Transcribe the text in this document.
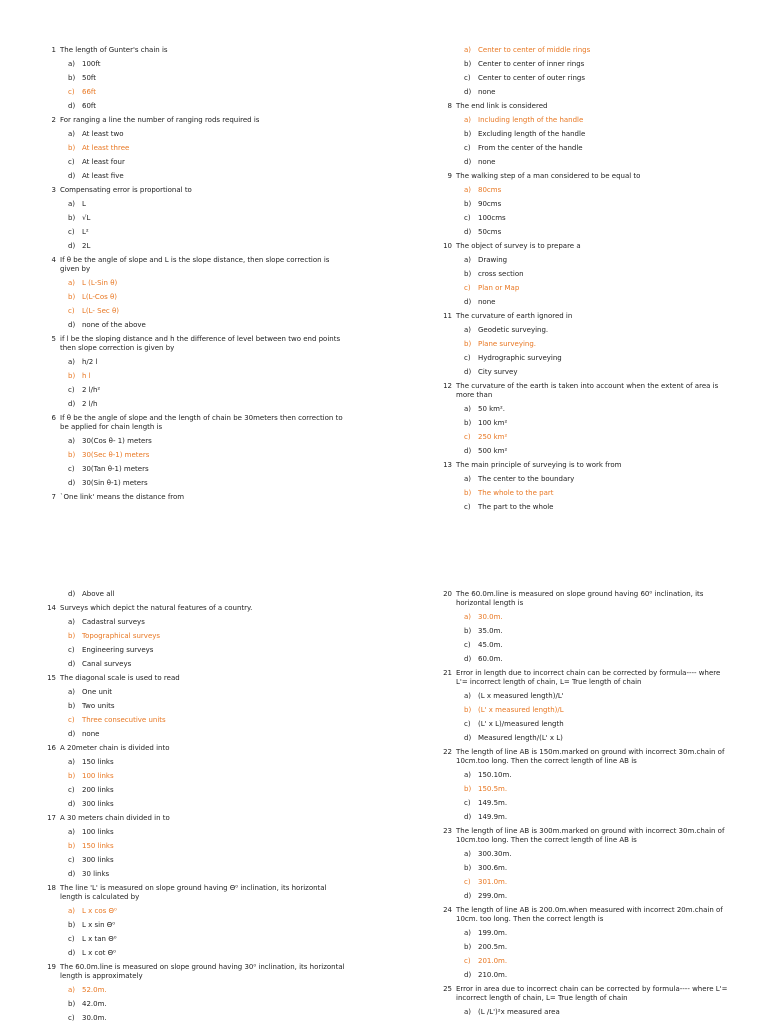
1 The length of Gunter's chain is
a) 100ft
b) 50ft
c) 66ft
d) 60ft
2 For ranging a line the number of ranging rods required is
a) At least two
b) At least three
c) At least four
d) At least five
3 Compensating error is proportional to
a) L
b) √L
c) L²
d) 2L
4 If θ be the angle of slope and L is the slope distance, then slope correction is given by
a) L (L-Sin θ)
b) L(L-Cos θ)
c) L(L- Sec θ)
d) none of the above
5 if l be the sloping distance and h the difference of level between two end points then slope correction is given by
a) h/2 l
b) h l
c) 2 l/h²
d) 2 l/h
6 If θ be the angle of slope and the length of chain be 30meters then correction to be applied for chain length is
a) 30(Cos θ- 1) meters
b) 30(Sec θ-1) meters
c) 30(Tan θ-1) meters
d) 30(Sin θ-1) meters
7 `One link' means the distance from
a) Center to center of middle rings
b) Center to center of inner rings
c) Center to center of outer rings
d) none
8 The end link is considered
a) Including length of the handle
b) Excluding length of the handle
c) From the center of the handle
d) none
9 The walking step of a man considered to be equal to
a) 80cms
b) 90cms
c) 100cms
d) 50cms
10 The object of survey is to prepare a
a) Drawing
b) cross section
c) Plan or Map
d) none
11 The curvature of earth ignored in
a) Geodetic surveying.
b) Plane surveying.
c) Hydrographic surveying
d) City survey
12 The curvature of the earth is taken into account when the extent of area is more than
a) 50 km².
b) 100 km²
c) 250 km²
d) 500 km²
13 The main principle of surveying is to work from
a) The center to the boundary
b) The whole to the part
c) The part to the whole
d) Above all
14 Surveys which depict the natural features of a country.
a) Cadastral surveys
b) Topographical surveys
c) Engineering surveys
d) Canal surveys
15 The diagonal scale is used to read
a) One unit
b) Two units
c) Three consecutive units
d) none
16 A 20meter chain is divided into
a) 150 links
b) 100 links
c) 200 links
d) 300 links
17 A 30 meters chain divided in to
a) 100 links
b) 150 links
c) 300 links
d) 30 links
18 The line 'L' is measured on slope ground having Θ⁰ inclination, its horizontal length is calculated by
a) L x cos Θ⁰
b) L x sin Θ⁰
c) L x tan Θ⁰
d) L x cot Θ⁰
19 The 60.0m.line is measured on slope ground having 30⁰ inclination, its horizontal length is approximately
a) 52.0m.
b) 42.0m.
c) 30.0m.
20 The 60.0m.line is measured on slope ground having 60⁰ inclination, its horizontal length is
a) 30.0m.
b) 35.0m.
c) 45.0m.
d) 60.0m.
21 Error in length due to incorrect chain can be corrected by formula---- where L'= incorrect length of chain, L= True length of chain
a) (L x measured length)/L'
b) (L' x measured length)/L
c) (L' x L)/measured length
d) Measured length/(L' x L)
22 The length of line AB is 150m.marked on ground with incorrect 30m.chain of 10cm.too long. Then the correct length of line AB is
a) 150.10m.
b) 150.5m.
c) 149.5m.
d) 149.9m.
23 The length of line AB is 300m.marked on ground with incorrect 30m.chain of 10cm.too long. Then the correct length of line AB is
a) 300.30m.
b) 300.6m.
c) 301.0m.
d) 299.0m.
24 The length of line AB is 200.0m.when measured with incorrect 20m.chain of 10cm. too long. Then the correct length is
a) 199.0m.
b) 200.5m.
c) 201.0m.
d) 210.0m.
25 Error in area due to incorrect chain can be corrected by formula---- where L'= incorrect length of chain, L= True length of chain
a) (L /L')²x measured area
